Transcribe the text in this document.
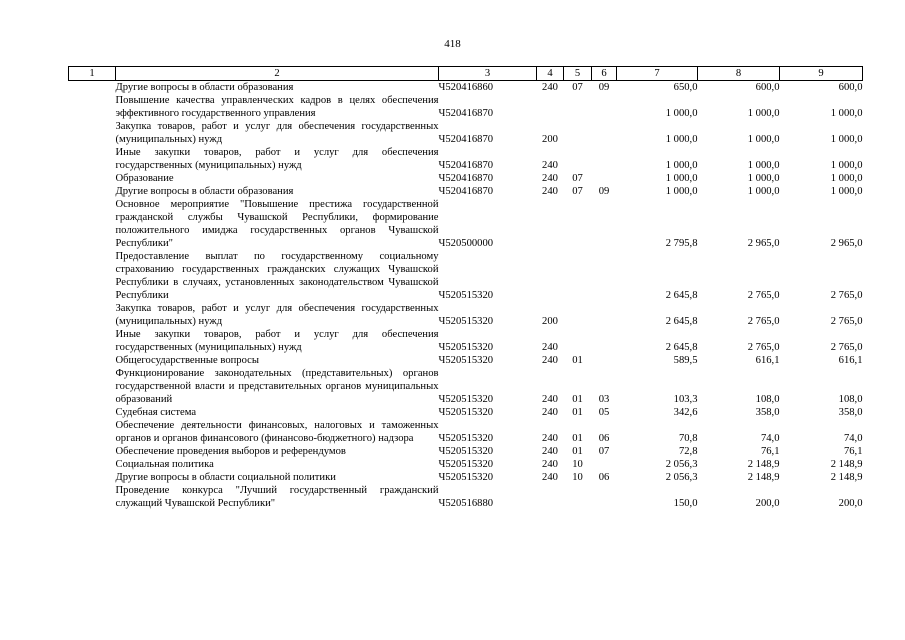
418
1	2	3	4	5	6	7	8	9
	Другие вопросы в области образования	Ч520416860	240	07	09	650,0	600,0	600,0
	Повышение качества управленческих кадров в целях обеспечения эффективного государственного управления	Ч520416870				1 000,0	1 000,0	1 000,0
	Закупка товаров, работ и услуг для обеспечения государственных (муниципальных) нужд	Ч520416870	200			1 000,0	1 000,0	1 000,0
	Иные закупки товаров, работ и услуг для обеспечения государственных (муниципальных) нужд	Ч520416870	240			1 000,0	1 000,0	1 000,0
	Образование	Ч520416870	240	07		1 000,0	1 000,0	1 000,0
	Другие вопросы в области образования	Ч520416870	240	07	09	1 000,0	1 000,0	1 000,0
	Основное мероприятие "Повышение престижа государственной гражданской службы Чувашской Республики, формирование положительного имиджа государственных органов Чувашской Республики"	Ч520500000				2 795,8	2 965,0	2 965,0
	Предоставление выплат по государственному социальному страхованию государственных гражданских служащих Чувашской Республики в случаях, установленных законодательством Чувашской Республики	Ч520515320				2 645,8	2 765,0	2 765,0
	Закупка товаров, работ и услуг для обеспечения государственных (муниципальных) нужд	Ч520515320	200			2 645,8	2 765,0	2 765,0
	Иные закупки товаров, работ и услуг для обеспечения государственных (муниципальных) нужд	Ч520515320	240			2 645,8	2 765,0	2 765,0
	Общегосударственные вопросы	Ч520515320	240	01		589,5	616,1	616,1
	Функционирование законодательных (представительных) органов государственной власти и представительных органов муниципальных образований	Ч520515320	240	01	03	103,3	108,0	108,0
	Судебная система	Ч520515320	240	01	05	342,6	358,0	358,0
	Обеспечение деятельности финансовых, налоговых и таможенных органов и органов финансового (финансово-бюджетного) надзора	Ч520515320	240	01	06	70,8	74,0	74,0
	Обеспечение проведения выборов и референдумов	Ч520515320	240	01	07	72,8	76,1	76,1
	Социальная политика	Ч520515320	240	10		2 056,3	2 148,9	2 148,9
	Другие вопросы в области социальной политики	Ч520515320	240	10	06	2 056,3	2 148,9	2 148,9
	Проведение конкурса "Лучший государственный гражданский служащий Чувашской Республики"	Ч520516880				150,0	200,0	200,0
